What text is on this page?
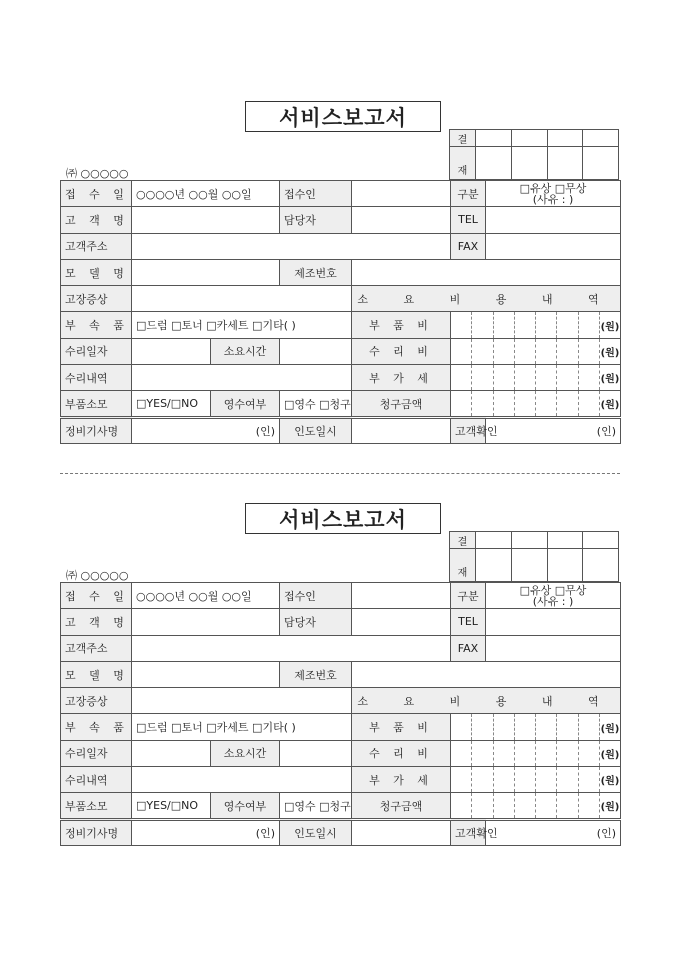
서비스보고서
㈜ ○○○○○
결				

재				
접 수 일	○○○○년 ○○월 ○○일		접수인		구분	□유상 □무상
(사유 : )

고 객 명			담당자		TEL	
고객주소					FAX	
모 델 명			제조번호			
고장증상				소 요 비 용 내 역		
부 속 품	□드럼 □토너 □카세트 □기타( )			부 품 비	(원)	

수리일자		소요시간		수 리 비	(원)	

수리내역				부 가 세	(원)	

부품소모	□YES/□NO	영수여부	□영수 □청구	청구금액	(원)	

정비기사명	(인)		인도일시		고객확인	(인)
서비스보고서
㈜ ○○○○○
결				

재				
접 수 일	○○○○년 ○○월 ○○일		접수인		구분	□유상 □무상
(사유 : )

고 객 명			담당자		TEL	
고객주소					FAX	
모 델 명			제조번호			
고장증상				소 요 비 용 내 역		
부 속 품	□드럼 □토너 □카세트 □기타( )			부 품 비	(원)	

수리일자		소요시간		수 리 비	(원)	

수리내역				부 가 세	(원)	

부품소모	□YES/□NO	영수여부	□영수 □청구	청구금액	(원)	

정비기사명	(인)		인도일시		고객확인	(인)
